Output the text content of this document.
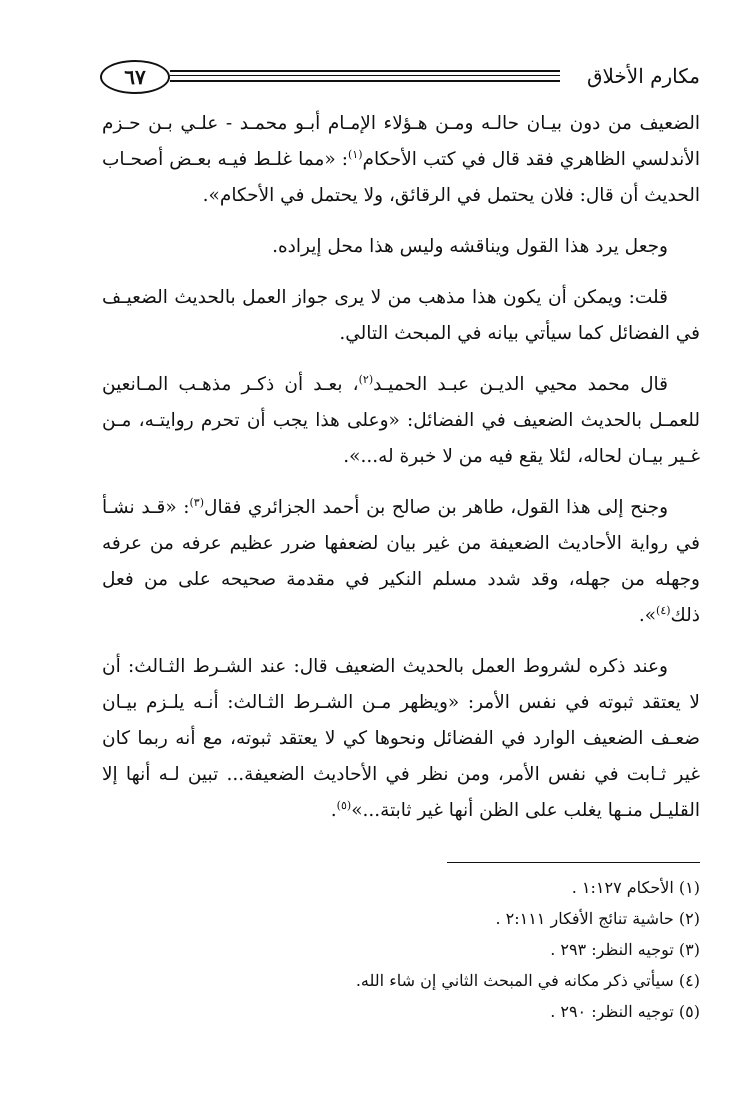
مكارم الأخلاق
٦٧

الضعيف من دون بيـان حالـه ومـن هـؤلاء الإمـام أبـو محمـد - علـي بـن حـزم الأندلسي الظاهري فقد قال في كتب الأحكام$^{(١)}$: «مما غلـط فيـه بعـض أصحـاب الحديث أن قال: فلان يحتمل في الرقائق، ولا يحتمل في الأحكام».

وجعل يرد هذا القول ويناقشه وليس هذا محل إيراده.

قلت: ويمكن أن يكون هذا مذهب من لا يرى جواز العمل بالحديث الضعيـف في الفضائل كما سيأتي بيانه في المبحث التالي.

قال محمد محيي الديـن عبـد الحميـد$^{(٢)}$، بعـد أن ذكـر مذهـب المـانعين للعمـل بالحديث الضعيف في الفضائل: «وعلى هذا يجب أن تحرم روايتـه، مـن غـير بيـان لحاله، لئلا يقع فيه من لا خبرة له...».

وجنح إلى هذا القول، طاهر بن صالح بن أحمد الجزائري فقال$^{(٣)}$: «قـد نشـأ في رواية الأحاديث الضعيفة من غير بيان لضعفها ضرر عظيم عرفه من عرفه وجهله من جهله، وقد شدد مسلم النكير في مقدمة صحيحه على من فعل ذلك$^{(٤)}$».

وعند ذكره لشروط العمل بالحديث الضعيف قال: عند الشـرط الثـالث: أن لا يعتقد ثبوته في نفس الأمر: «ويظهر مـن الشـرط الثـالث: أنـه يلـزم بيـان ضعـف الضعيف الوارد في الفضائل ونحوها كي لا يعتقد ثبوته، مع أنه ربما كان غير ثـابت في نفس الأمر، ومن نظر في الأحاديث الضعيفة... تبين لـه أنها إلا القليـل منـها يغلب على الظن أنها غير ثابتة...»$^{(٥)}$.

(١) الأحكام ١:١٢٧ .

(٢) حاشية تنائج الأفكار ٢:١١١ .

(٣) توجيه النظر: ٢٩٣ .

(٤) سيأتي ذكر مكانه في المبحث الثاني إن شاء الله.

(٥) توجيه النظر: ٢٩٠ .
